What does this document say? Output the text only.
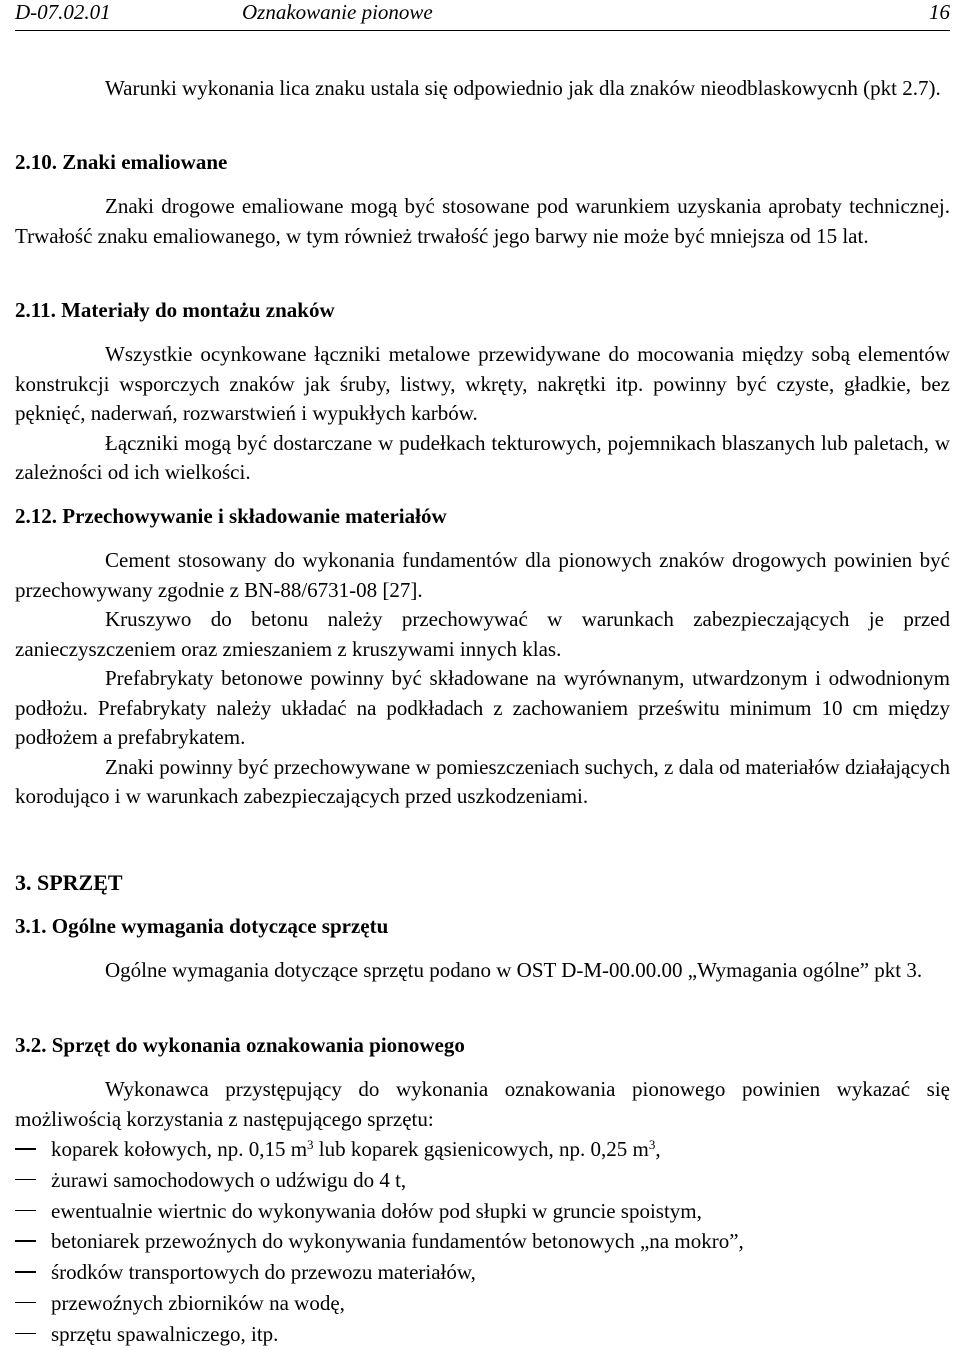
D-07.02.01	Oznakowanie pionowe	16
Warunki wykonania lica znaku ustala się odpowiednio jak dla znaków nieodblaskowycnh (pkt 2.7).
2.10. Znaki emaliowane
Znaki drogowe emaliowane mogą być stosowane pod warunkiem uzyskania aprobaty technicznej. Trwałość znaku emaliowanego, w tym również trwałość jego barwy nie może być mniejsza od 15 lat.
2.11. Materiały do montażu znaków
Wszystkie ocynkowane łączniki metalowe przewidywane do mocowania między sobą elementów konstrukcji wsporczych znaków jak śruby, listwy, wkręty, nakrętki itp. powinny być czyste, gładkie, bez pęknięć, naderwań, rozwarstwień i wypukłych karbów.
Łączniki mogą być dostarczane w pudełkach tekturowych, pojemnikach blaszanych lub paletach, w zależności od ich wielkości.
2.12. Przechowywanie i składowanie materiałów
Cement stosowany do wykonania fundamentów dla pionowych znaków drogowych powinien być przechowywany zgodnie z BN-88/6731-08 [27].
Kruszywo do betonu należy przechowywać w warunkach zabezpieczających je przed zanieczyszczeniem oraz zmieszaniem z kruszywami innych klas.
Prefabrykaty betonowe powinny być składowane na wyrównanym, utwardzonym i odwodnionym podłożu. Prefabrykaty należy układać na podkładach z zachowaniem prześwitu minimum 10 cm między podłożem a prefabrykatem.
Znaki powinny być przechowywane w pomieszczeniach suchych, z dala od materiałów działających korodująco i w warunkach zabezpieczających przed uszkodzeniami.
3. SPRZĘT
3.1. Ogólne wymagania dotyczące sprzętu
Ogólne wymagania dotyczące sprzętu podano w OST D-M-00.00.00 „Wymagania ogólne” pkt 3.
3.2. Sprzęt do wykonania oznakowania pionowego
Wykonawca przystępujący do wykonania oznakowania pionowego powinien wykazać się możliwością korzystania z następującego sprzętu:
koparek kołowych, np. 0,15 $m^3$ lub koparek gąsienicowych, np. 0,25 $m^3$,
żurawi samochodowych o udźwigu do 4 t,
ewentualnie wiertnic do wykonywania dołów pod słupki w gruncie spoistym,
betoniarek przewoźnych do wykonywania fundamentów betonowych „na mokro”,
środków transportowych do przewozu materiałów,
przewoźnych zbiorników na wodę,
sprzętu spawalniczego, itp.
